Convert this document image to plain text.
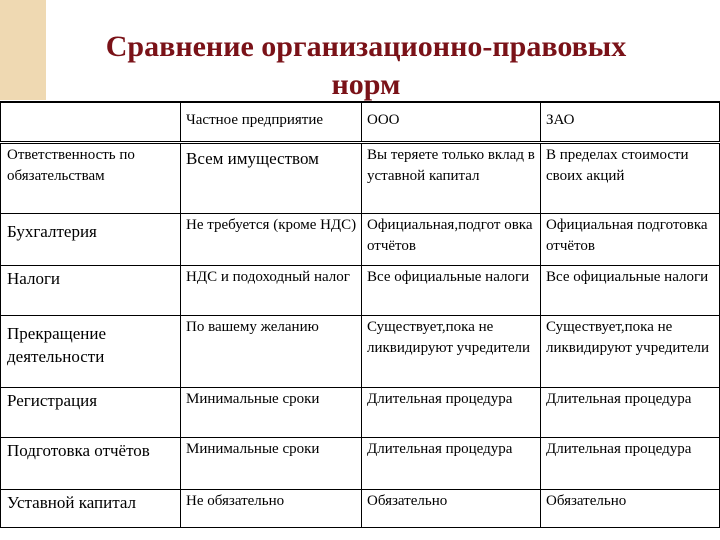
Сравнение организационно-правовых
норм
	Частное предприятие	ООО	ЗАО
Ответственность по обязательствам	Всем имуществом	Вы теряете только вклад в уставной капитал	В пределах стоимости своих акций
Бухгалтерия	Не требуется (кроме НДС)	Официальная,подгот овка отчётов	Официальная подготовка отчётов
Налоги	НДС и подоходный налог	Все официальные налоги	Все официальные налоги
Прекращение деятельности	По вашему желанию	Существует,пока не ликвидируют учредители	Существует,пока не ликвидируют учредители
Регистрация	Минимальные сроки	Длительная процедура	Длительная процедура
Подготовка отчётов	Минимальные сроки	Длительная процедура	Длительная процедура
Уставной капитал	Не обязательно	Обязательно	Обязательно
